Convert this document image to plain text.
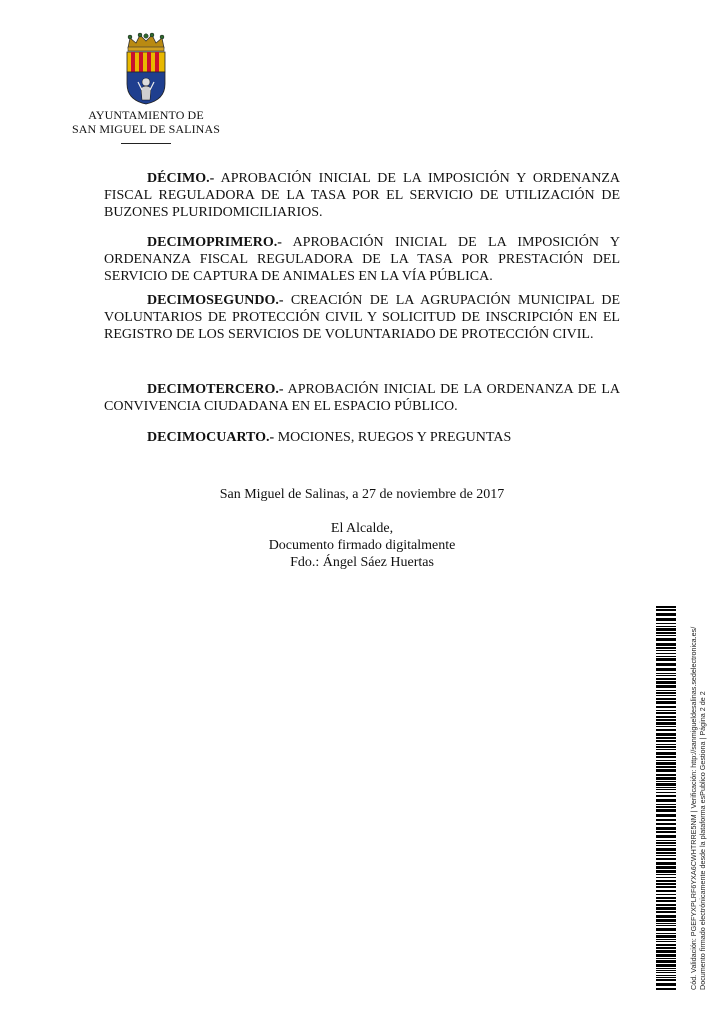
AYUNTAMIENTO DE
SAN MIGUEL DE SALINAS

DÉCIMO.- APROBACIÓN INICIAL DE LA IMPOSICIÓN Y ORDENANZA FISCAL REGULADORA DE LA TASA POR EL SERVICIO DE UTILIZACIÓN DE BUZONES PLURIDOMICILIARIOS.

DECIMOPRIMERO.- APROBACIÓN INICIAL DE LA IMPOSICIÓN Y ORDENANZA FISCAL REGULADORA DE LA TASA POR PRESTACIÓN DEL SERVICIO DE CAPTURA DE ANIMALES EN LA VÍA PÚBLICA.

DECIMOSEGUNDO.- CREACIÓN DE LA AGRUPACIÓN MUNICIPAL DE VOLUNTARIOS DE PROTECCIÓN CIVIL Y SOLICITUD DE INSCRIPCIÓN EN EL REGISTRO DE LOS SERVICIOS DE VOLUNTARIADO DE PROTECCIÓN CIVIL.

DECIMOTERCERO.- APROBACIÓN INICIAL DE LA ORDENANZA DE LA CONVIVENCIA CIUDADANA EN EL ESPACIO PÚBLICO.

DECIMOCUARTO.- MOCIONES, RUEGOS Y PREGUNTAS

San Miguel de Salinas, a 27 de noviembre de 2017
El Alcalde,
Documento firmado digitalmente
Fdo.: Ángel Sáez Huertas
Cód. Validación: PGEFYXPLRF6YXA6CWHTRRE5NM | Verificación: http://sanmigueldesalinas.sedelectronica.es/ Documento firmado electrónicamente desde la plataforma esPublico Gestiona | Página 2 de 2
